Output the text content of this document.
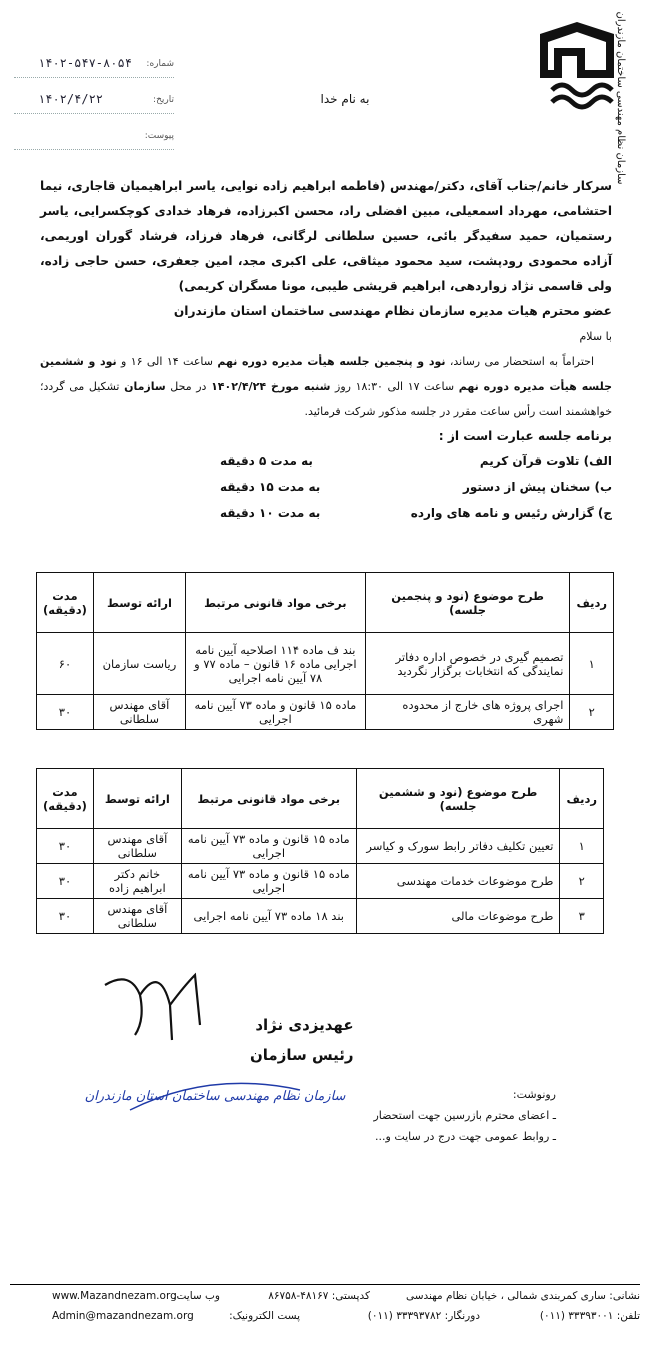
سازمان نظام مهندسی ساختمان مازندران
به نام خدا
شماره:
۱۴۰۲-۵۴۷-۸۰۵۴
تاریخ:
۱۴۰۲/۴/۲۲
پیوست:

سرکار خانم/جناب آقای، دکتر/مهندس (فاطمه ابراهیم زاده نوایی، یاسر ابراهیمیان قاجاری، نیما احتشامی، مهرداد اسمعیلی، مبین افضلی راد، محسن اکبرزاده، فرهاد خدادی کوچکسرایی، یاسر رستمیان، حمید سفیدگر بائی، حسین سلطانی لرگانی، فرهاد فرزاد، فرشاد گوران اوریمی، آزاده محمودی رودپشت، سید محمود میثاقی، علی اکبری مجد، امین جعفری، حسن حاجی زاده، ولی قاسمی نژاد زواردهی، ابراهیم قریشی طیبی، مونا مسگران کریمی)

عضو محترم هیات مدیره سازمان نظام مهندسی ساختمان استان مازندران

با سلام

احتراماً به استحضار می رساند، نود و پنجمین جلسه هیأت مدیره دوره نهم ساعت ۱۴ الی ۱۶ و نود و ششمین جلسه هیأت مدیره دوره نهم ساعت ۱۷ الی ۱۸:۳۰ روز شنبه مورخ ۱۴۰۲/۴/۲۴ در محل سازمان تشکیل می گردد؛ خواهشمند است رأس ساعت مقرر در جلسه مذکور شرکت فرمائید.

برنامه جلسه عبارت است از :

الف) تلاوت قرآن کریم
به مدت ۵ دقیقه
ب) سخنان پیش از دستور
به مدت ۱۵ دقیقه
ج) گزارش رئیس و نامه های وارده
به مدت ۱۰ دقیقه
ردیف	طرح موضوع (نود و پنجمین جلسه)	برخی مواد قانونی مرتبط	ارائه توسط	مدت (دقیقه)
۱	تصمیم گیری در خصوص اداره دفاتر نمایندگی که انتخابات برگزار نگردید	بند ف ماده ۱۱۴ اصلاحیه آیین نامه اجرایی ماده ۱۶ قانون – ماده ۷۷ و ۷۸ آیین نامه اجرایی	ریاست سازمان	۶۰
۲	اجرای پروژه های خارج از محدوده شهری	ماده ۱۵ قانون و ماده ۷۳ آیین نامه اجرایی	آقای مهندس سلطانی	۳۰
ردیف	طرح موضوع (نود و ششمین جلسه)	برخی مواد قانونی مرتبط	ارائه توسط	مدت (دقیقه)
۱	تعیین تکلیف دفاتر رابط سورک و کیاسر	ماده ۱۵ قانون و ماده ۷۳ آیین نامه اجرایی	آقای مهندس سلطانی	۳۰
۲	طرح موضوعات خدمات مهندسی	ماده ۱۵ قانون و ماده ۷۳ آیین نامه اجرایی	خانم دکتر ابراهیم زاده	۳۰
۳	طرح موضوعات مالی	بند ۱۸ ماده ۷۳ آیین نامه اجرایی	آقای مهندس سلطانی	۳۰
عهدیزدی نژاد
رئیس سازمان
سازمان نظام مهندسی ساختمان استان مازندران	رونوشت:
ـ اعضای محترم بازرسین جهت استحضار
ـ روابط عمومی جهت درج در سایت و...
نشانی: ساری کمربندی شمالی ، خیابان نظام مهندسی
کدپستی: ۴۸۱۶۷-۸۶۷۵۸
وب سایت:
www.Mazandnezam.org
تلفن: ۳۳۳۹۳۰۰۱ (۰۱۱)
دورنگار: ۳۳۳۹۳۷۸۲ (۰۱۱)
پست الکترونیک:
Admin@mazandnezam.org
